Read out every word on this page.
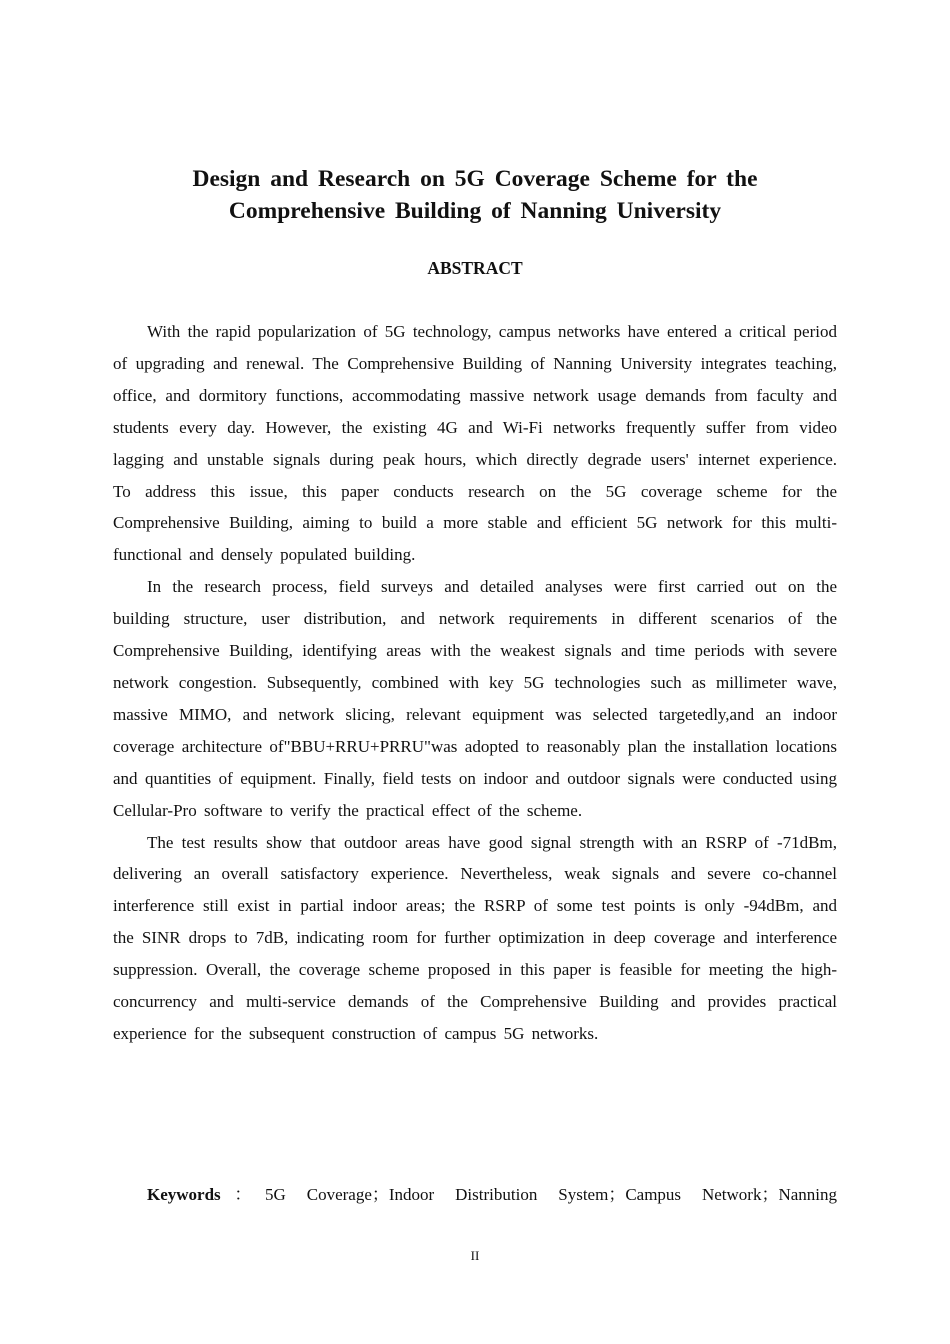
Design and Research on 5G Coverage Scheme for the
Comprehensive Building of Nanning University
ABSTRACT

With the rapid popularization of 5G technology, campus networks have entered a critical period of upgrading and renewal. The Comprehensive Building of Nanning University integrates teaching, office, and dormitory functions, accommodating massive network usage demands from faculty and students every day. However, the existing 4G and Wi-Fi networks frequently suffer from video lagging and unstable signals during peak hours, which directly degrade users' internet experience. To address this issue, this paper conducts research on the 5G coverage scheme for the Comprehensive Building, aiming to build a more stable and efficient 5G network for this multi-functional and densely populated building.

In the research process, field surveys and detailed analyses were first carried out on the building structure, user distribution, and network requirements in different scenarios of the Comprehensive Building, identifying areas with the weakest signals and time periods with severe network congestion. Subsequently, combined with key 5G technologies such as millimeter wave, massive MIMO, and network slicing, relevant equipment was selected targetedly,and an indoor coverage architecture of"BBU+RRU+PRRU"was adopted to reasonably plan the installation locations and quantities of equipment. Finally, field tests on indoor and outdoor signals were conducted using Cellular-Pro software to verify the practical effect of the scheme.

The test results show that outdoor areas have good signal strength with an RSRP of -71dBm, delivering an overall satisfactory experience. Nevertheless, weak signals and severe co-channel interference still exist in partial indoor areas; the RSRP of some test points is only -94dBm, and the SINR drops to 7dB, indicating room for further optimization in deep coverage and interference suppression. Overall, the coverage scheme proposed in this paper is feasible for meeting the high-concurrency and multi-service demands of the Comprehensive Building and provides practical experience for the subsequent construction of campus 5G networks.

Keywords：5G Coverage；Indoor Distribution System；Campus Network；Nanning

II
